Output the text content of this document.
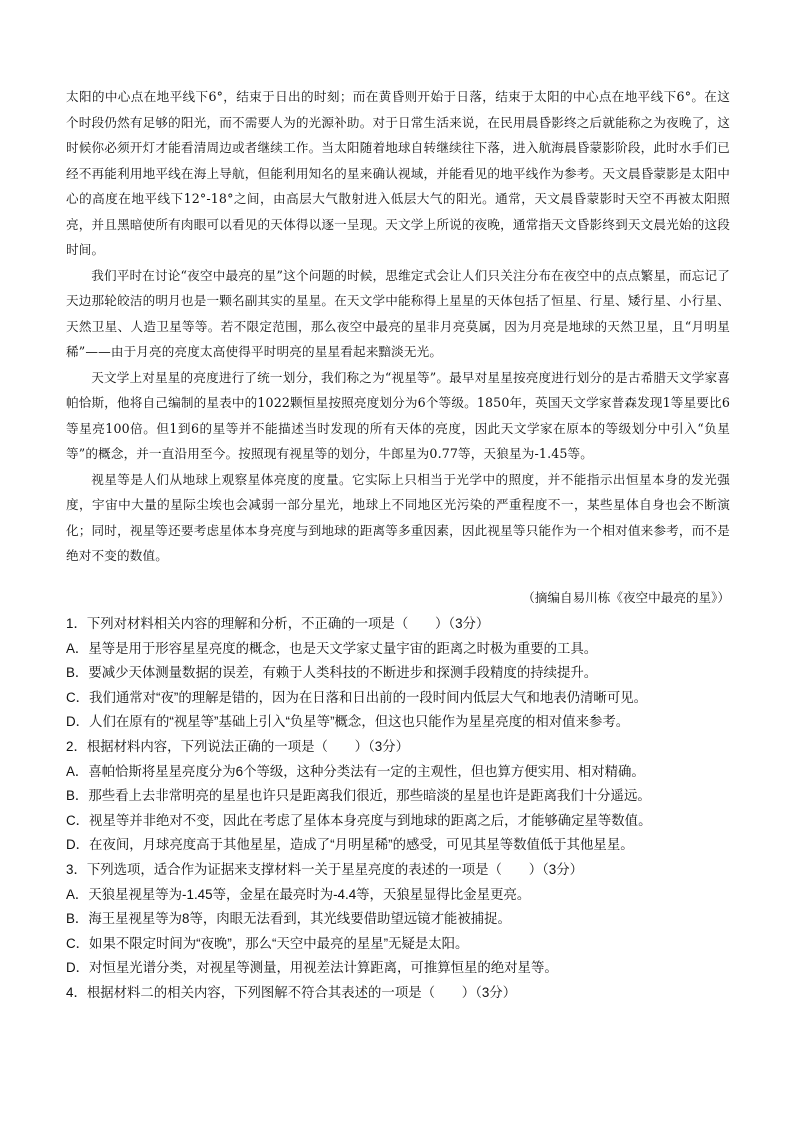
太阳的中心点在地平线下6°，结束于日出的时刻；而在黄昏则开始于日落，结束于太阳的中心点在地平线下6°。在这个时段仍然有足够的阳光，而不需要人为的光源补助。对于日常生活来说，在民用晨昏影终之后就能称之为夜晚了，这时候你必须开灯才能看清周边或者继续工作。当太阳随着地球自转继续往下落，进入航海晨昏蒙影阶段，此时水手们已经不再能利用地平线在海上导航，但能利用知名的星来确认视域，并能看见的地平线作为参考。天文晨昏蒙影是太阳中心的高度在地平线下12°-18°之间，由高层大气散射进入低层大气的阳光。通常，天文晨昏蒙影时天空不再被太阳照亮，并且黑暗使所有肉眼可以看见的天体得以逐一呈现。天文学上所说的夜晚，通常指天文昏影终到天文晨光始的这段时间。

我们平时在讨论“夜空中最亮的星”这个问题的时候，思维定式会让人们只关注分布在夜空中的点点繁星，而忘记了天边那轮皎洁的明月也是一颗名副其实的星星。在天文学中能称得上星星的天体包括了恒星、行星、矮行星、小行星、天然卫星、人造卫星等等。若不限定范围，那么夜空中最亮的星非月亮莫属，因为月亮是地球的天然卫星，且“月明星稀”——由于月亮的亮度太高使得平时明亮的星星看起来黯淡无光。

天文学上对星星的亮度进行了统一划分，我们称之为“视星等”。最早对星星按亮度进行划分的是古希腊天文学家喜帕恰斯，他将自己编制的星表中的1022颗恒星按照亮度划分为6个等级。1850年，英国天文学家普森发现1等星要比6等星亮100倍。但1到6的星等并不能描述当时发现的所有天体的亮度，因此天文学家在原本的等级划分中引入“负星等”的概念，并一直沿用至今。按照现有视星等的划分，牛郎星为0.77等，天狼星为-1.45等。

视星等是人们从地球上观察星体亮度的度量。它实际上只相当于光学中的照度，并不能指示出恒星本身的发光强度，宇宙中大量的星际尘埃也会减弱一部分星光，地球上不同地区光污染的严重程度不一，某些星体自身也会不断演化；同时，视星等还要考虑星体本身亮度与到地球的距离等多重因素，因此视星等只能作为一个相对值来参考，而不是绝对不变的数值。

（摘编自易川栋《夜空中最亮的星》）
1．下列对材料相关内容的理解和分析，不正确的一项是（　　）（3分）
A．星等是用于形容星星亮度的概念，也是天文学家丈量宇宙的距离之时极为重要的工具。
B．要减少天体测量数据的误差，有赖于人类科技的不断进步和探测手段精度的持续提升。
C．我们通常对“夜”的理解是错的，因为在日落和日出前的一段时间内低层大气和地表仍清晰可见。
D．人们在原有的“视星等”基础上引入“负星等”概念，但这也只能作为星星亮度的相对值来参考。
2．根据材料内容，下列说法正确的一项是（　　）（3分）
A．喜帕恰斯将星星亮度分为6个等级，这种分类法有一定的主观性，但也算方便实用、相对精确。
B．那些看上去非常明亮的星星也许只是距离我们很近，那些暗淡的星星也许是距离我们十分遥远。
C．视星等并非绝对不变，因此在考虑了星体本身亮度与到地球的距离之后，才能够确定星等数值。
D．在夜间，月球亮度高于其他星星，造成了“月明星稀”的感受，可见其星等数值低于其他星星。
3．下列选项，适合作为证据来支撑材料一关于星星亮度的表述的一项是（　　）（3分）
A．天狼星视星等为-1.45等，金星在最亮时为-4.4等，天狼星显得比金星更亮。
B．海王星视星等为8等，肉眼无法看到，其光线要借助望远镜才能被捕捉。
C．如果不限定时间为“夜晚”，那么“天空中最亮的星星”无疑是太阳。
D．对恒星光谱分类，对视星等测量，用视差法计算距离，可推算恒星的绝对星等。
4．根据材料二的相关内容，下列图解不符合其表述的一项是（　　）（3分）
